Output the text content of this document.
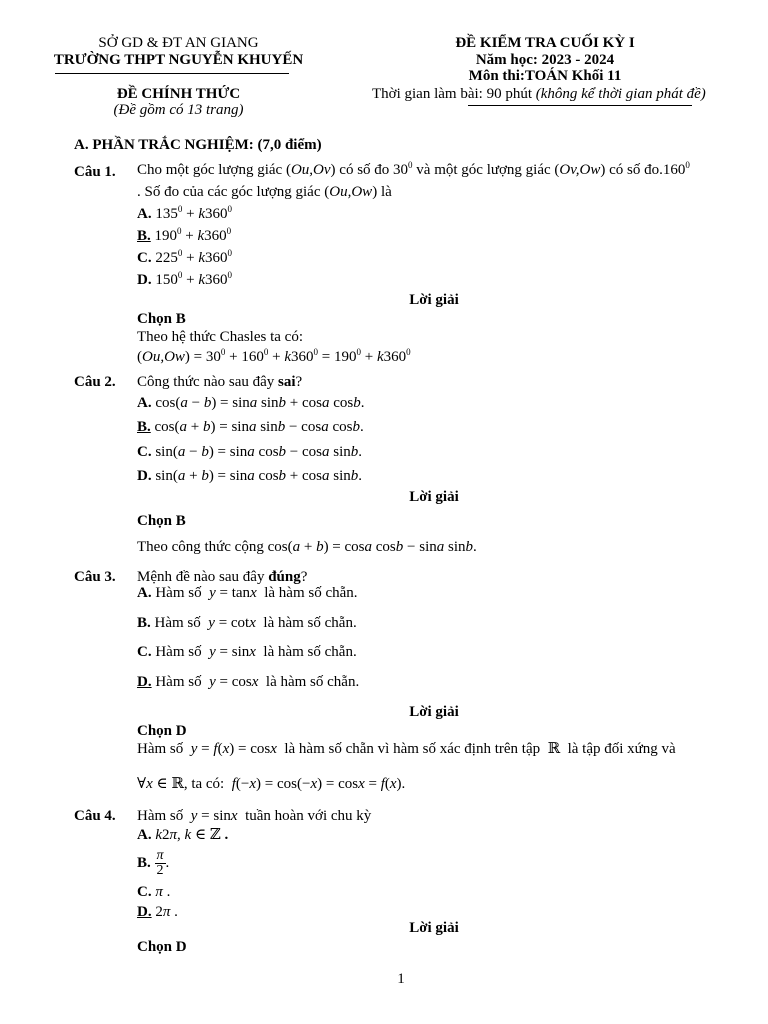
SỞ GD & ĐT AN GIANG
TRƯỜNG THPT NGUYỄN KHUYẾN
ĐỀ CHÍNH THỨC
(Đề gồm có 13 trang)
ĐỀ KIỂM TRA CUỐI KỲ I
Năm học: 2023 - 2024
Môn thi:TOÁN Khối 11
Thời gian làm bài: 90 phút (không kể thời gian phát đề)
A. PHẦN TRẮC NGHIỆM: (7,0 điểm)
Câu 1. Cho một góc lượng giác (Ou,Ov) có số đo $30^0$ và một góc lượng giác (Ov,Ow) có số đo.160$^0$
. Số đo của các góc lượng giác (Ou,Ow) là
A. $135^0 + k360^0$
B. $190^0 + k360^0$
C. $225^0 + k360^0$
D. $150^0 + k360^0$
Lời giải
Chọn B
Theo hệ thức Chasles ta có:
$(Ou,Ow) = 30^0 + 160^0 + k360^0 = 190^0 + k360^0$
Câu 2. Công thức nào sau đây sai?
A. cos(a − b) = sina sinb + cosa cosb.
B. cos(a + b) = sina sinb − cosa cosb.
C. sin(a − b) = sina cosb − cosa sinb.
D. sin(a + b) = sina cosb + cosa sinb.
Lời giải
Chọn B
Theo công thức cộng cos(a + b) = cosa cosb − sina sinb.
Câu 3. Mệnh đề nào sau đây đúng?
A. Hàm số y = tanx là hàm số chẵn.
B. Hàm số y = cotx là hàm số chẵn.
C. Hàm số y = sinx là hàm số chẵn.
D. Hàm số y = cosx là hàm số chẵn.
Lời giải
Chọn D
Hàm số y = f(x) = cosx là hàm số chẵn vì hàm số xác định trên tập  ℝ  là tập đối xứng và
∀x ∈ ℝ, ta có: f(−x) = cos(−x) = cosx = f(x).
Câu 4. Hàm số y = sinx tuần hoàn với chu kỳ
A. k2π, k ∈ ℤ .
B. $\frac{\pi}{2}$ .
C. π .
D. 2π .
Lời giải
Chọn D
1
